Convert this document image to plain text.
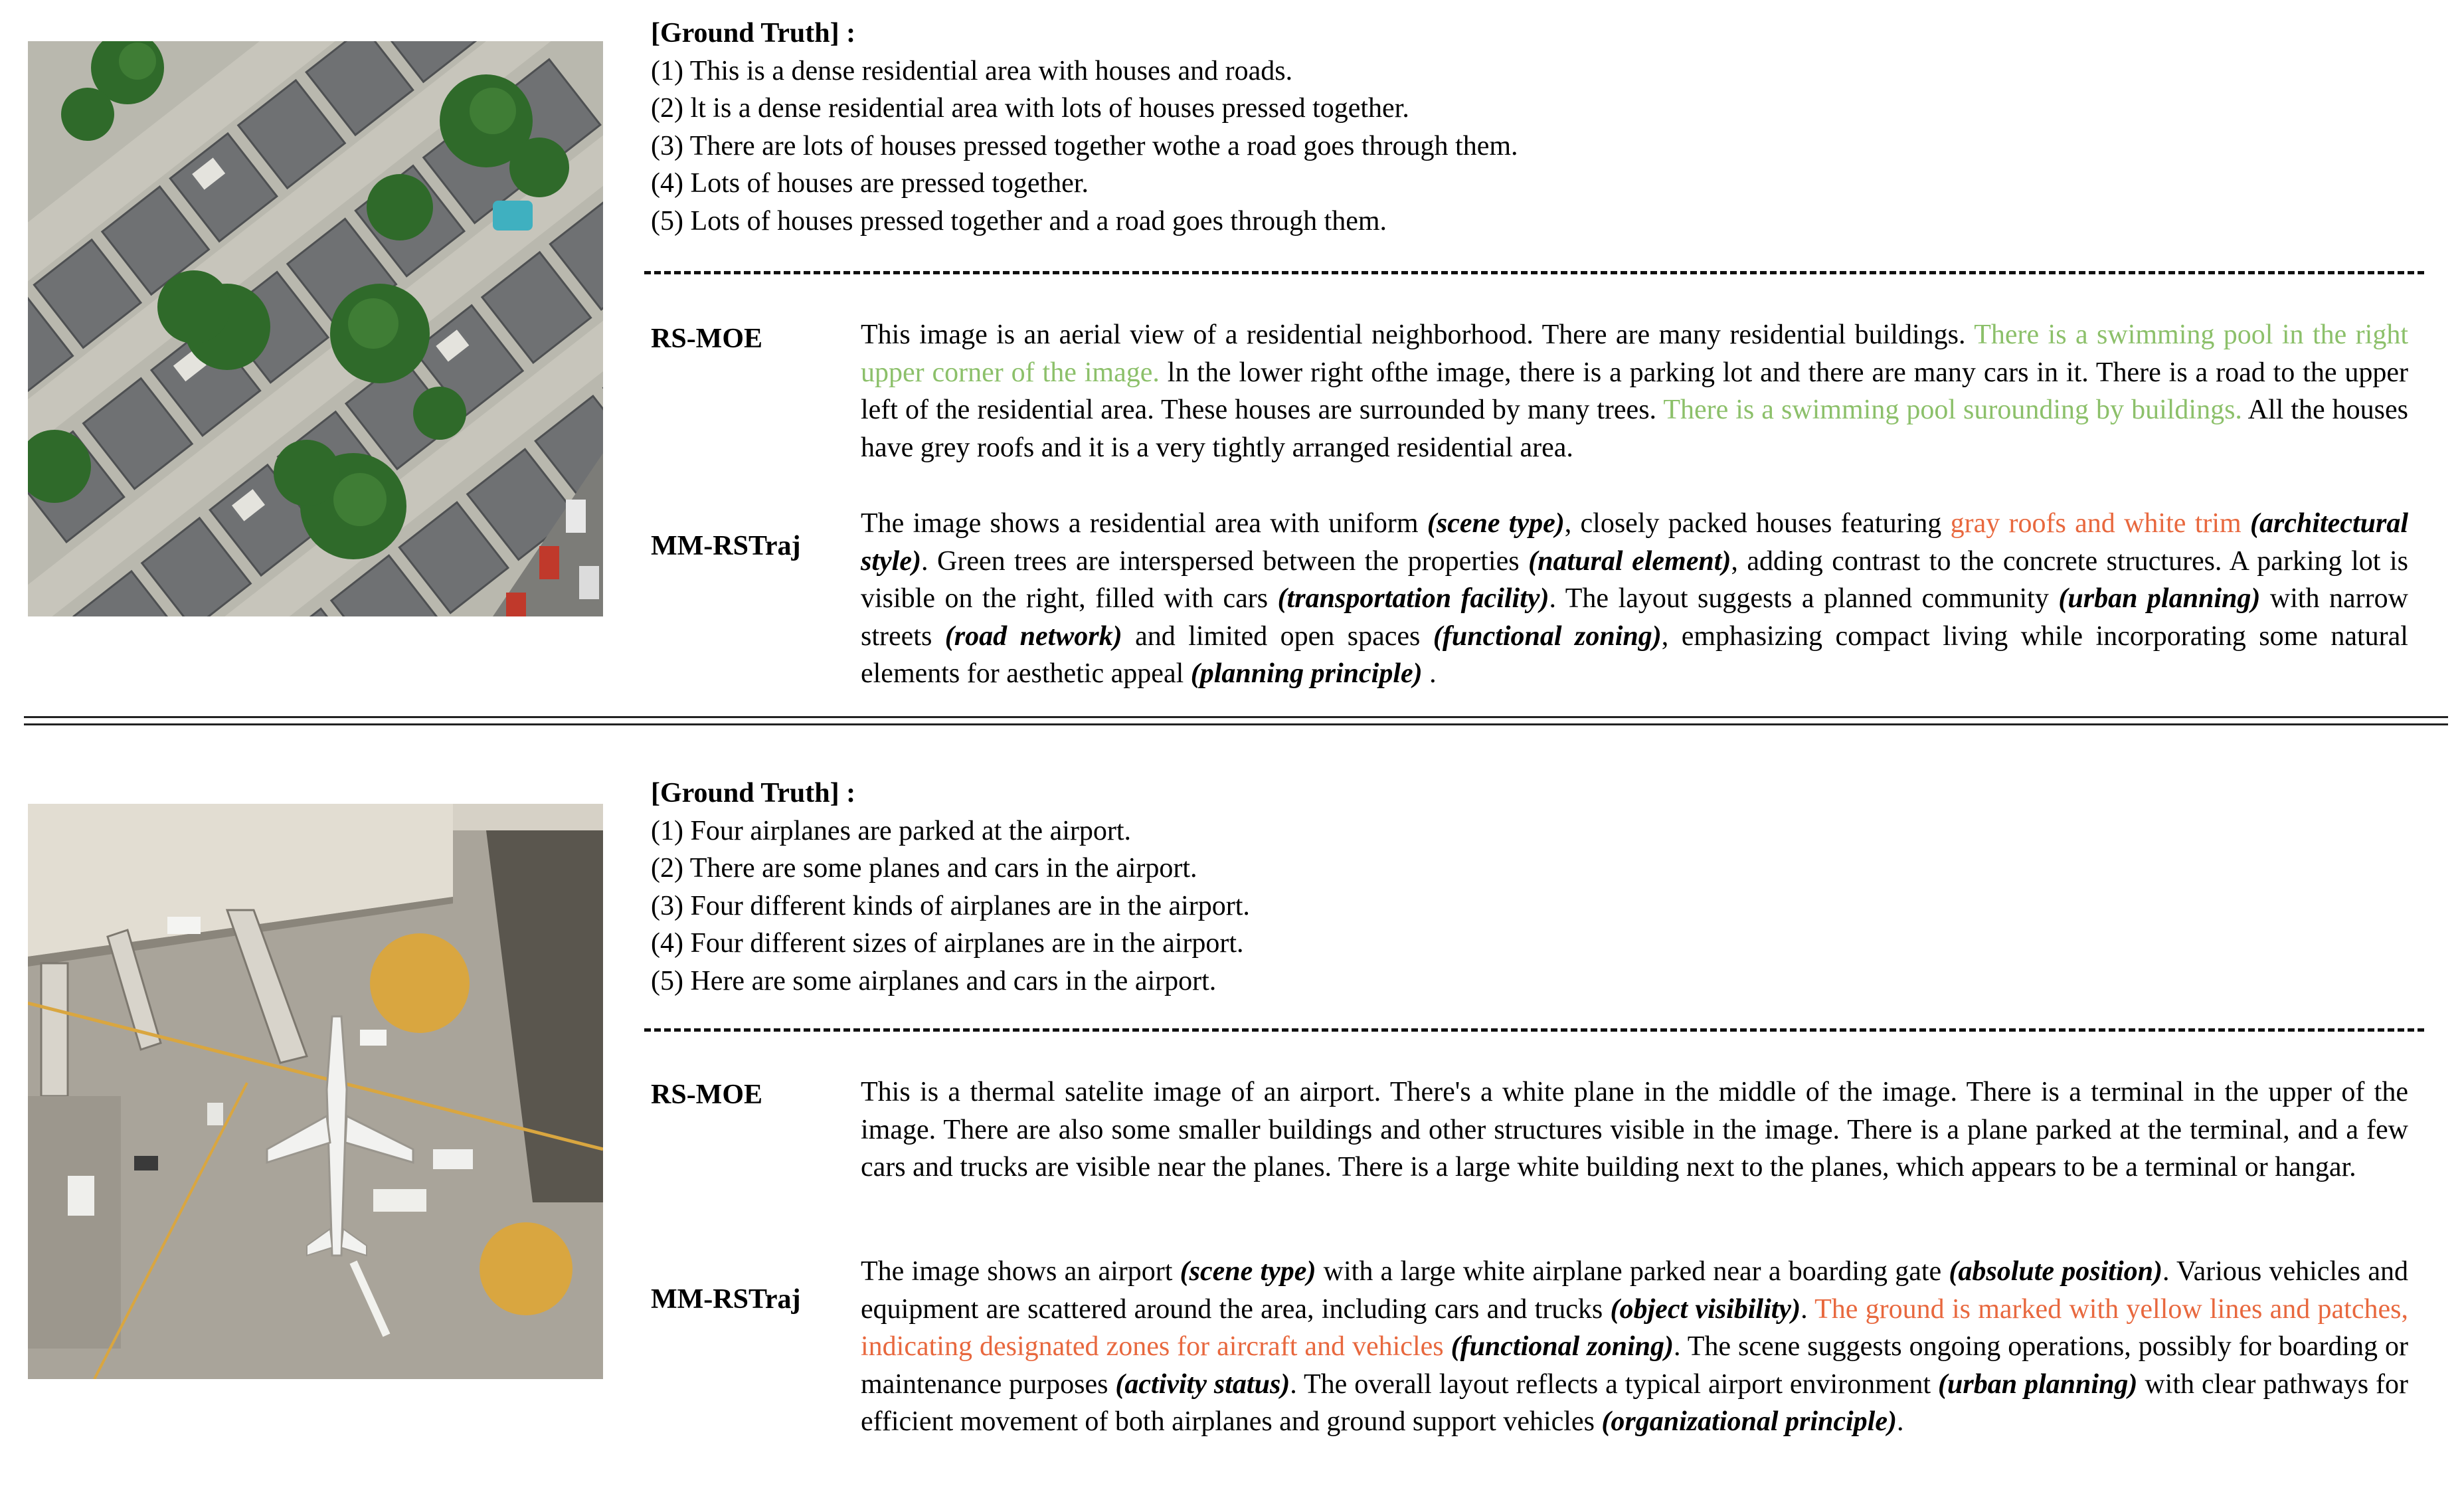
[Ground Truth] :
(1) This is a dense residential area with houses and roads.
(2) lt is a dense residential area with lots of houses pressed together.
(3) There are lots of houses pressed together wothe a road goes through them.
(4) Lots of houses are pressed together.
(5) Lots of houses pressed together and a road goes through them.
RS-MOE	This image is an aerial view of a residential neighborhood. There are many residential buildings. There is a swimming pool in the right upper corner of the image. ln the lower right ofthe image, there is a parking lot and there are many cars in it. There is a road to the upper left of the residential area. These houses are surrounded by many trees. There is a swimming pool surounding by buildings. All the houses have grey roofs and it is a very tightly arranged residential area.
MM-RSTraj
The image shows a residential area with uniform (scene type), closely packed houses featuring gray roofs and white trim (architectural style). Green trees are interspersed between the properties (natural element), adding contrast to the concrete structures. A parking lot is visible on the right, filled with cars (transportation facility). The layout suggests a planned community (urban planning) with narrow streets (road network) and limited open spaces (functional zoning), emphasizing compact living while incorporating some natural elements for aesthetic appeal (planning principle) .
[Ground Truth] :
(1) Four airplanes are parked at the airport.
(2) There are some planes and cars in the airport.
(3) Four different kinds of airplanes are in the airport.
(4) Four different sizes of airplanes are in the airport.
(5) Here are some airplanes and cars in the airport.
RS-MOE	This is a thermal satelite image of an airport. There's a white plane in the middle of the image. There is a terminal in the upper of the image. There are also some smaller buildings and other structures visible in the image. There is a plane parked at the terminal, and a few cars and trucks are visible near the planes. There is a large white building next to the planes, which appears to be a terminal or hangar.
MM-RSTraj
The image shows an airport (scene type) with a large white airplane parked near a boarding gate (absolute position). Various vehicles and equipment are scattered around the area, including cars and trucks (object visibility). The ground is marked with yellow lines and patches, indicating designated zones for aircraft and vehicles (functional zoning). The scene suggests ongoing operations, possibly for boarding or maintenance purposes (activity status). The overall layout reflects a typical airport environment (urban planning) with clear pathways for efficient movement of both airplanes and ground support vehicles (organizational principle).
